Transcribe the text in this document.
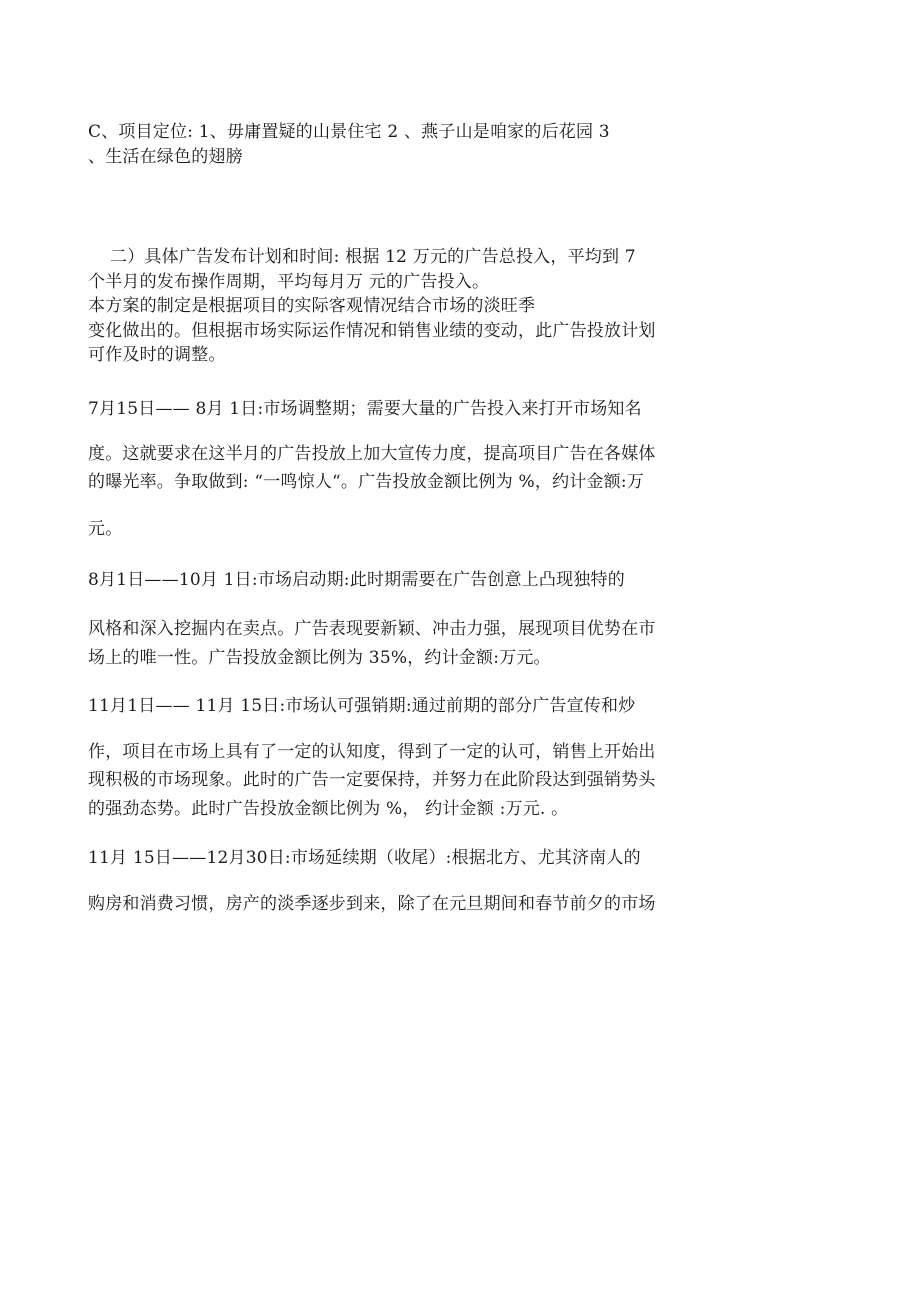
C、项目定位: 1、毋庸置疑的山景住宅 2 、燕子山是咱家的后花园 3
、生活在绿色的翅膀
二）具体广告发布计划和时间: 根据 12 万元的广告总投入，平均到 7
个半月的发布操作周期，平均每月万 元的广告投入。
本方案的制定是根据项目的实际客观情况结合市场的淡旺季
变化做出的。但根据市场实际运作情况和销售业绩的变动，此广告投放计划
可作及时的调整。
7月15日—— 8月 1日:市场调整期；需要大量的广告投入来打开市场知名
度。这就要求在这半月的广告投放上加大宣传力度，提高项目广告在各媒体
的曝光率。争取做到: “一鸣惊人“。广告投放金额比例为 %，约计金额:万
元。
8月1日——10月 1日:市场启动期:此时期需要在广告创意上凸现独特的
风格和深入挖掘内在卖点。广告表现要新颖、冲击力强，展现项目优势在市
场上的唯一性。广告投放金额比例为 35%，约计金额:万元。
11月1日—— 11月 15日:市场认可强销期:通过前期的部分广告宣传和炒
作，项目在市场上具有了一定的认知度，得到了一定的认可，销售上开始出
现积极的市场现象。此时的广告一定要保持，并努力在此阶段达到强销势头
的强劲态势。此时广告投放金额比例为 %， 约计金额 :万元. 。
11月 15日——12月30日:市场延续期（收尾）:根据北方、尤其济南人的
购房和消费习惯，房产的淡季逐步到来，除了在元旦期间和春节前夕的市场
